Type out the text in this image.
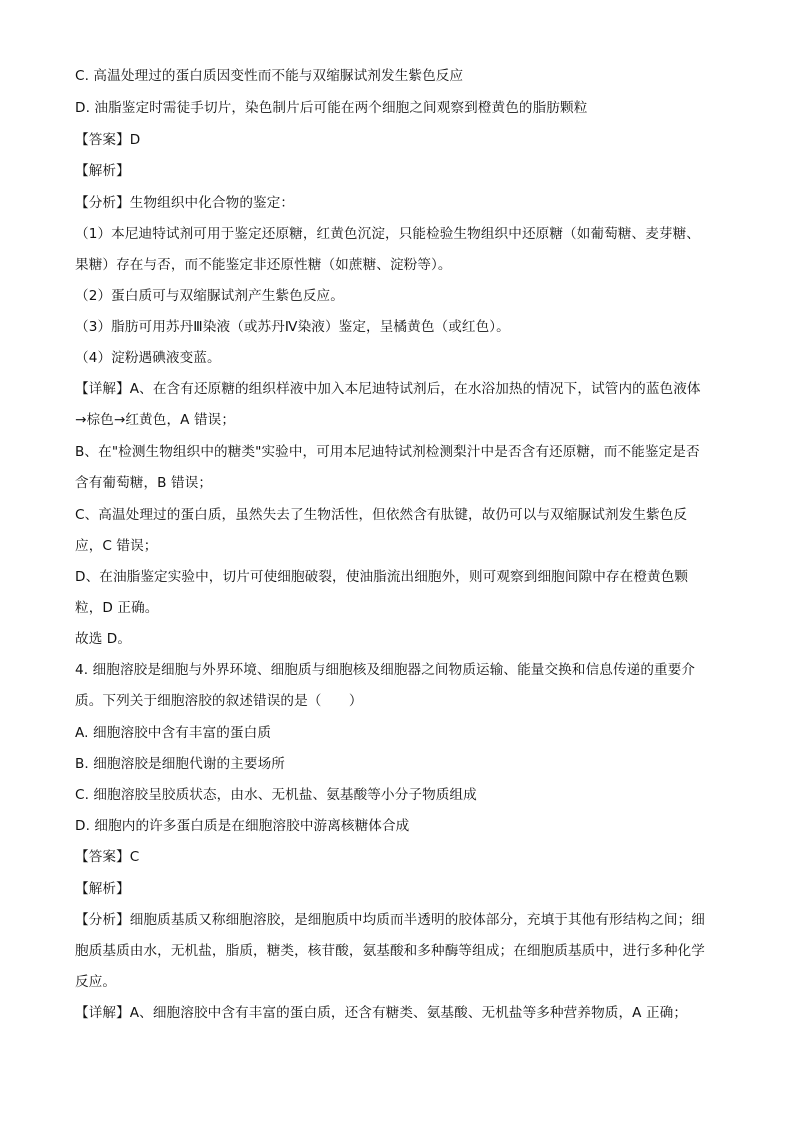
C. 高温处理过的蛋白质因变性而不能与双缩脲试剂发生紫色反应
D. 油脂鉴定时需徒手切片，染色制片后可能在两个细胞之间观察到橙黄色的脂肪颗粒
【答案】D
【解析】
【分析】生物组织中化合物的鉴定：
（1）本尼迪特试剂可用于鉴定还原糖，红黄色沉淀，只能检验生物组织中还原糖（如葡萄糖、麦芽糖、
果糖）存在与否，而不能鉴定非还原性糖（如蔗糖、淀粉等）。
（2）蛋白质可与双缩脲试剂产生紫色反应。
（3）脂肪可用苏丹Ⅲ染液（或苏丹Ⅳ染液）鉴定，呈橘黄色（或红色）。
（4）淀粉遇碘液变蓝。
【详解】A、在含有还原糖的组织样液中加入本尼迪特试剂后，在水浴加热的情况下，试管内的蓝色液体
→棕色→红黄色，A 错误；
B、在"检测生物组织中的糖类"实验中，可用本尼迪特试剂检测梨汁中是否含有还原糖，而不能鉴定是否
含有葡萄糖，B 错误；
C、高温处理过的蛋白质，虽然失去了生物活性，但依然含有肽键，故仍可以与双缩脲试剂发生紫色反
应，C 错误；
D、在油脂鉴定实验中，切片可使细胞破裂，使油脂流出细胞外，则可观察到细胞间隙中存在橙黄色颗
粒，D 正确。
故选 D。
4. 细胞溶胶是细胞与外界环境、细胞质与细胞核及细胞器之间物质运输、能量交换和信息传递的重要介
质。下列关于细胞溶胶的叙述错误的是（　　）
A. 细胞溶胶中含有丰富的蛋白质
B. 细胞溶胶是细胞代谢的主要场所
C. 细胞溶胶呈胶质状态，由水、无机盐、氨基酸等小分子物质组成
D. 细胞内的许多蛋白质是在细胞溶胶中游离核糖体合成
【答案】C
【解析】
【分析】细胞质基质又称细胞溶胶，是细胞质中均质而半透明的胶体部分，充填于其他有形结构之间；细
胞质基质由水，无机盐，脂质，糖类，核苷酸，氨基酸和多种酶等组成；在细胞质基质中，进行多种化学
反应。
【详解】A、细胞溶胶中含有丰富的蛋白质，还含有糖类、氨基酸、无机盐等多种营养物质，A 正确；
